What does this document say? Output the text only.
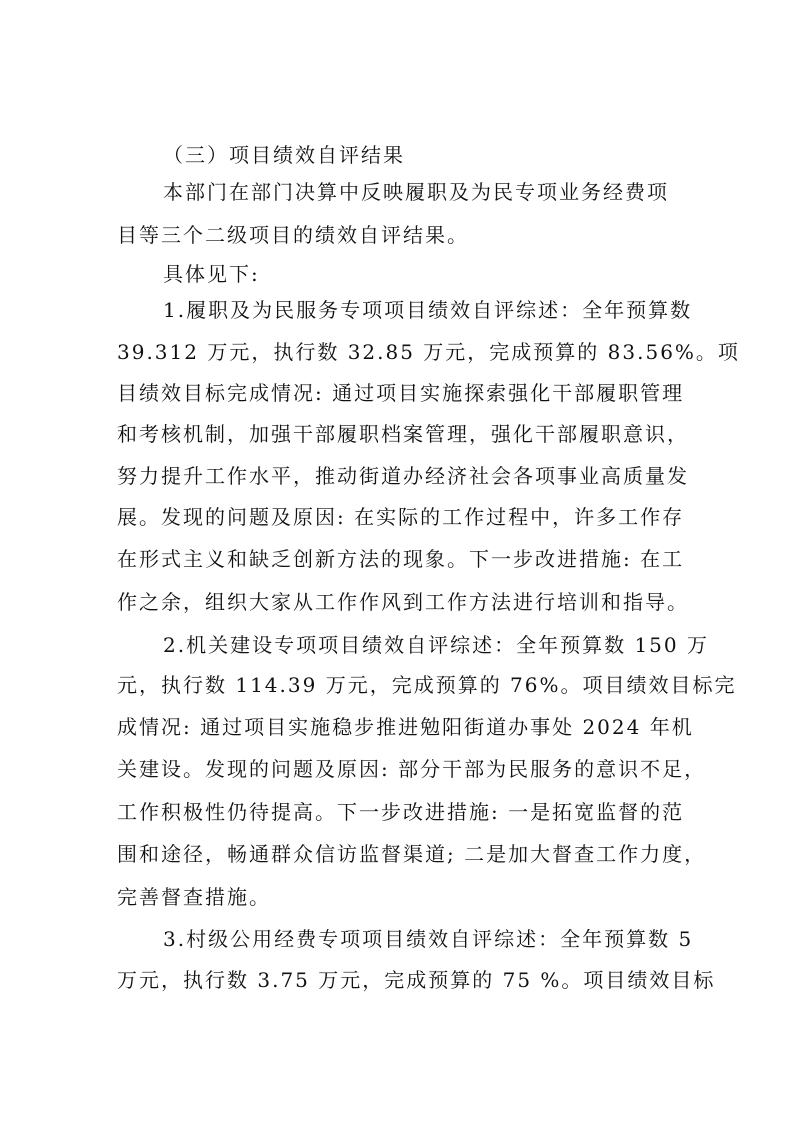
（三）项目绩效自评结果
本部门在部门决算中反映履职及为民专项业务经费项
目等三个二级项目的绩效自评结果。
具体见下:
1.履职及为民服务专项项目绩效自评综述：全年预算数
39.312 万元，执行数 32.85 万元，完成预算的 83.56%。项
目绩效目标完成情况: 通过项目实施探索强化干部履职管理
和考核机制，加强干部履职档案管理，强化干部履职意识，
努力提升工作水平，推动街道办经济社会各项事业高质量发
展。发现的问题及原因: 在实际的工作过程中，许多工作存
在形式主义和缺乏创新方法的现象。下一步改进措施: 在工
作之余，组织大家从工作作风到工作方法进行培训和指导。
2.机关建设专项项目绩效自评综述：全年预算数 150 万
元，执行数 114.39 万元，完成预算的 76%。项目绩效目标完
成情况: 通过项目实施稳步推进勉阳街道办事处 2024 年机
关建设。发现的问题及原因: 部分干部为民服务的意识不足，
工作积极性仍待提高。下一步改进措施: 一是拓宽监督的范
围和途径，畅通群众信访监督渠道; 二是加大督查工作力度，
完善督查措施。
3.村级公用经费专项项目绩效自评综述：全年预算数 5
万元，执行数 3.75 万元，完成预算的 75 %。项目绩效目标
